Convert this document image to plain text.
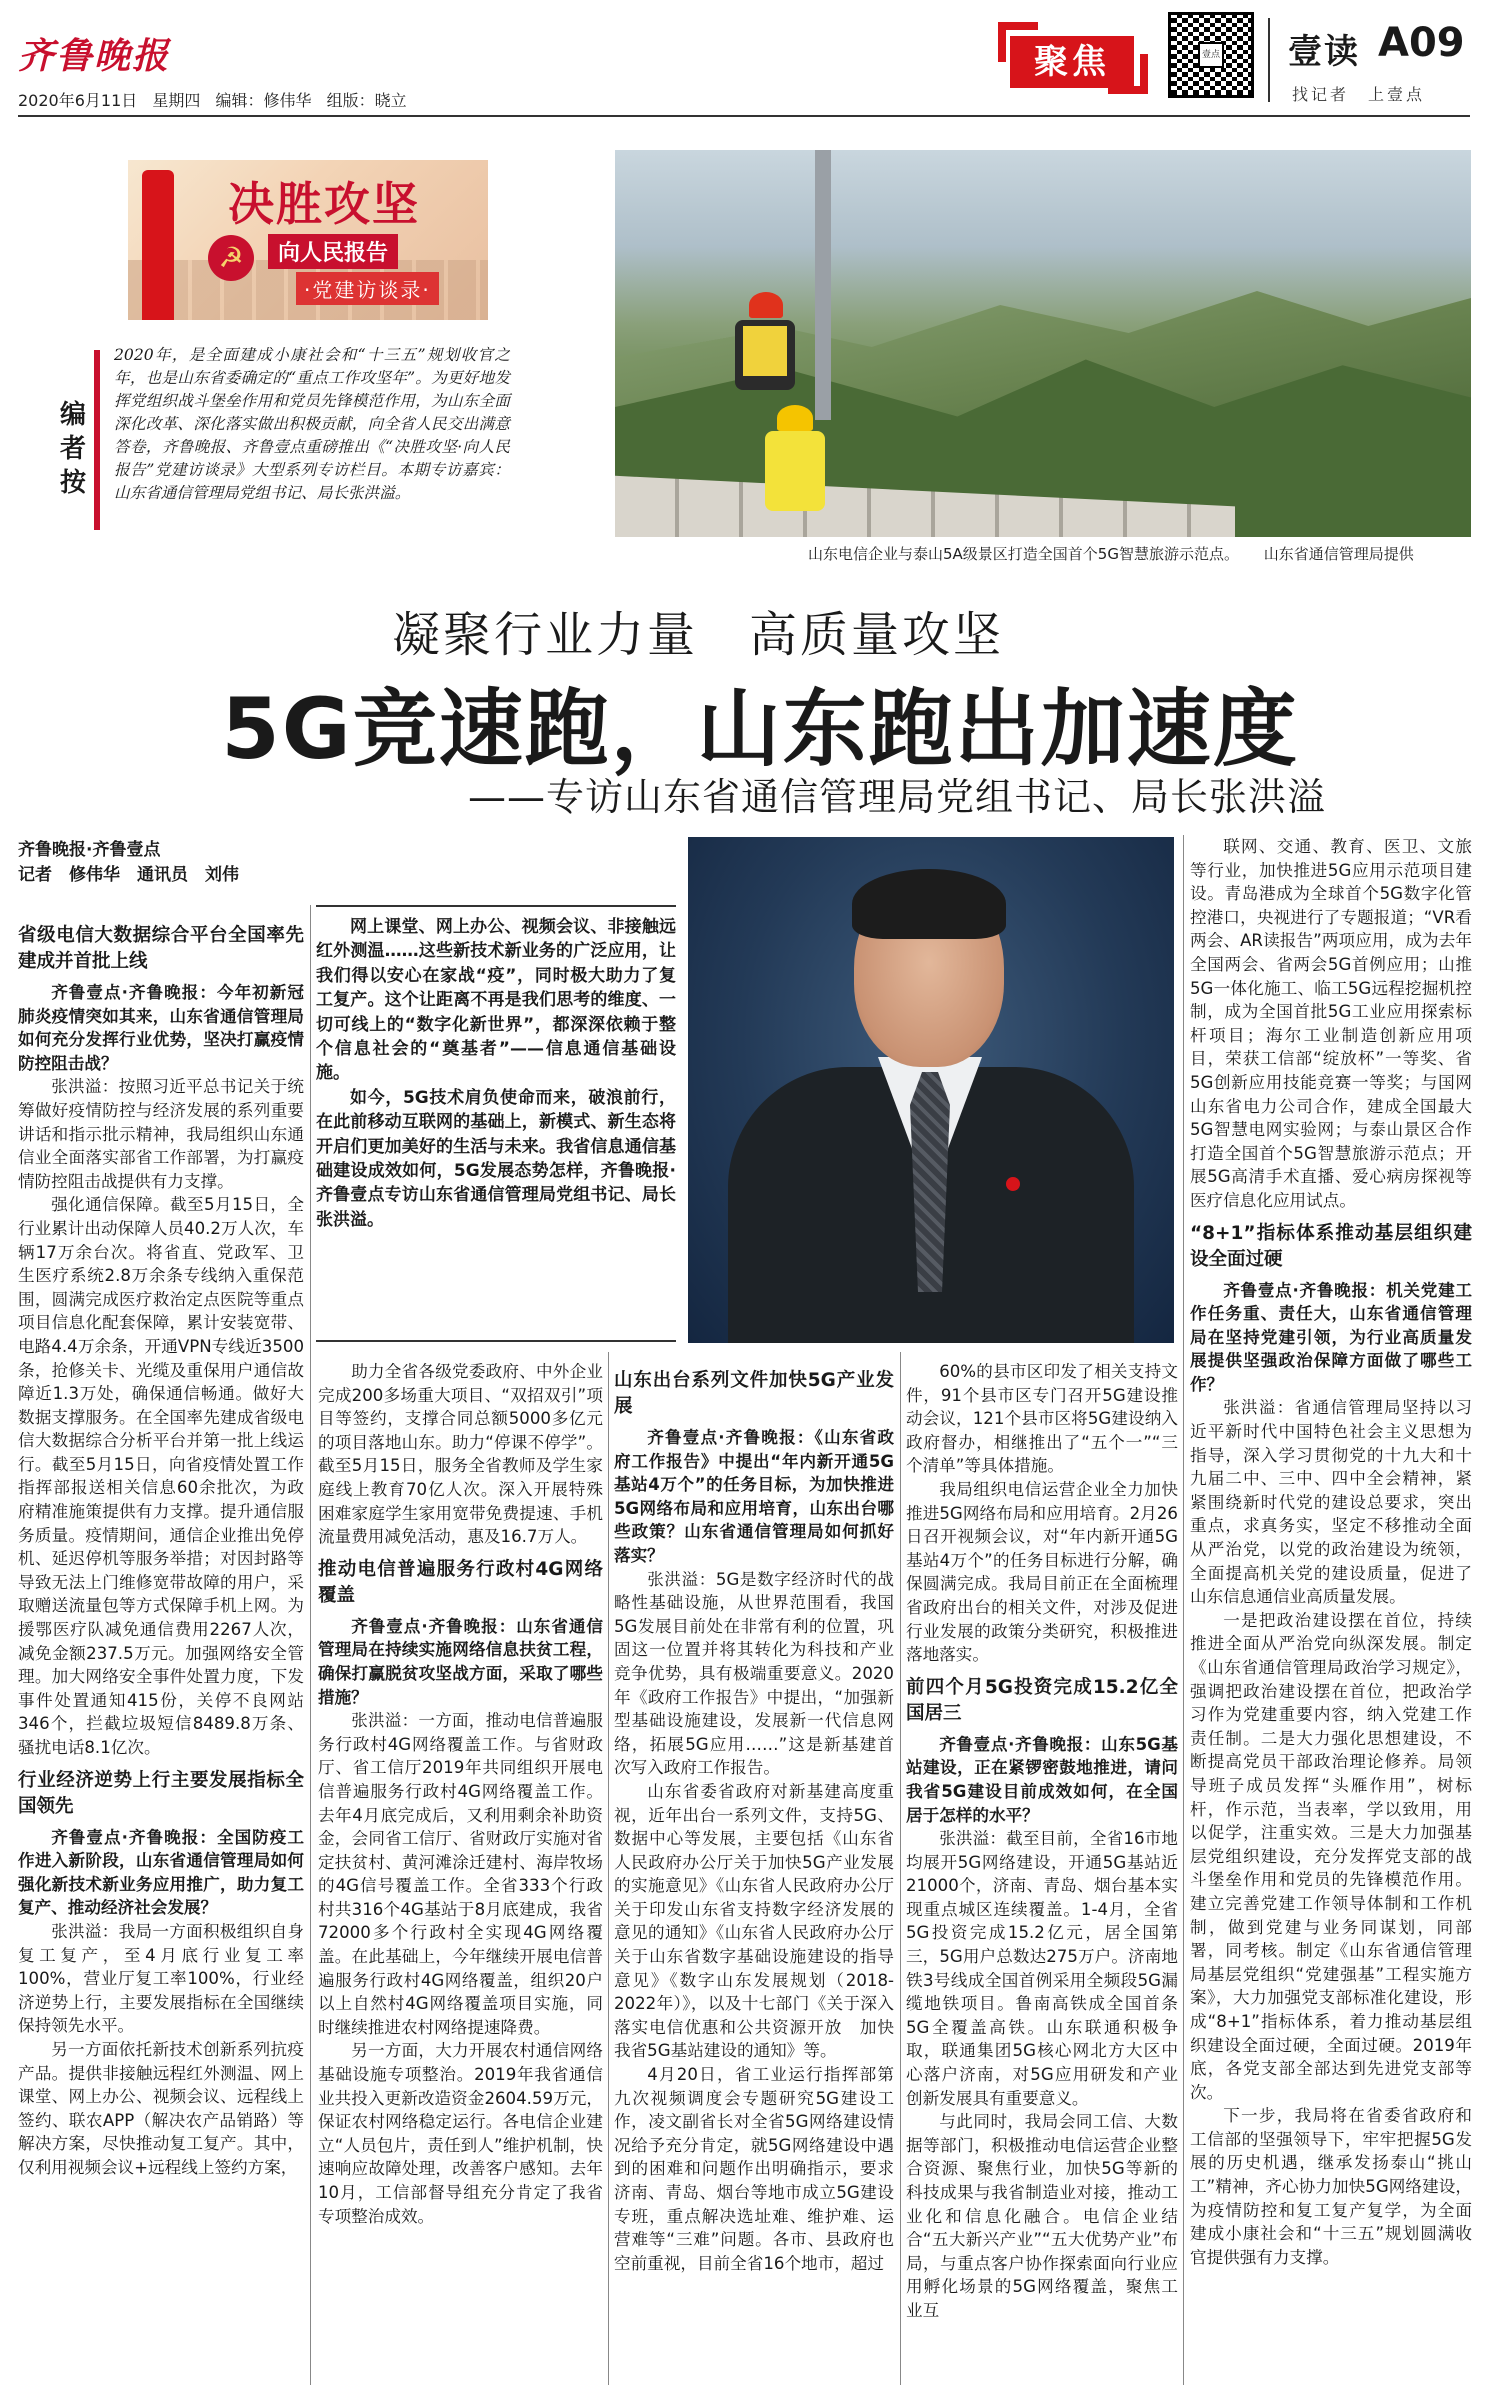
齐鲁晚报
2020年6月11日 星期四 编辑：修伟华 组版：晓立
聚焦	壹点 壹读 A09
找记者　上壹点
☭
决胜攻坚
向人民报告
·党建访谈录·
编者按
2020年，是全面建成小康社会和“十三五”规划收官之年，也是山东省委确定的“重点工作攻坚年”。为更好地发挥党组织战斗堡垒作用和党员先锋模范作用，为山东全面深化改革、深化落实做出积极贡献，向全省人民交出满意答卷，齐鲁晚报、齐鲁壹点重磅推出《“决胜攻坚·向人民报告”党建访谈录》大型系列专访栏目。本期专访嘉宾：山东省通信管理局党组书记、局长张洪溢。
山东电信企业与泰山5A级景区打造全国首个5G智慧旅游示范点。 山东省通信管理局提供
凝聚行业力量　高质量攻坚
5G竞速跑，山东跑出加速度
——专访山东省通信管理局党组书记、局长张洪溢
齐鲁晚报·齐鲁壹点
记者　修伟华　通讯员　刘伟

网上课堂、网上办公、视频会议、非接触远红外测温……这些新技术新业务的广泛应用，让我们得以安心在家战“疫”，同时极大助力了复工复产。这个让距离不再是我们思考的维度、一切可线上的“数字化新世界”，都深深依赖于整个信息社会的“奠基者”——信息通信基础设施。

如今，5G技术肩负使命而来，破浪前行，在此前移动互联网的基础上，新模式、新生态将开启们更加美好的生活与未来。我省信息通信基础建设成效如何，5G发展态势怎样，齐鲁晚报·齐鲁壹点专访山东省通信管理局党组书记、局长张洪溢。

省级电信大数据综合平台全国率先建成并首批上线

齐鲁壹点·齐鲁晚报：今年初新冠肺炎疫情突如其来，山东省通信管理局如何充分发挥行业优势，坚决打赢疫情防控阻击战？

张洪溢：按照习近平总书记关于统筹做好疫情防控与经济发展的系列重要讲话和指示批示精神，我局组织山东通信业全面落实部省工作部署，为打赢疫情防控阻击战提供有力支撑。

强化通信保障。截至5月15日，全行业累计出动保障人员40.2万人次，车辆17万余台次。将省直、党政军、卫生医疗系统2.8万余条专线纳入重保范围，圆满完成医疗救治定点医院等重点项目信息化配套保障，累计安装宽带、电路4.4万余条，开通VPN专线近3500条，抢修关卡、光缆及重保用户通信故障近1.3万处，确保通信畅通。做好大数据支撑服务。在全国率先建成省级电信大数据综合分析平台并第一批上线运行。截至5月15日，向省疫情处置工作指挥部报送相关信息60余批次，为政府精准施策提供有力支撑。提升通信服务质量。疫情期间，通信企业推出免停机、延迟停机等服务举措；对因封路等导致无法上门维修宽带故障的用户，采取赠送流量包等方式保障手机上网。为援鄂医疗队减免通信费用2267人次，减免金额237.5万元。加强网络安全管理。加大网络安全事件处置力度，下发事件处置通知415份，关停不良网站346个，拦截垃圾短信8489.8万条、骚扰电话8.1亿次。

行业经济逆势上行主要发展指标全国领先

齐鲁壹点·齐鲁晚报：全国防疫工作进入新阶段，山东省通信管理局如何强化新技术新业务应用推广，助力复工复产、推动经济社会发展？

张洪溢：我局一方面积极组织自身复工复产，至4月底行业复工率100%，营业厅复工率100%，行业经济逆势上行，主要发展指标在全国继续保持领先水平。

另一方面依托新技术创新系列抗疫产品。提供非接触远程红外测温、网上课堂、网上办公、视频会议、远程线上签约、联农APP（解决农产品销路）等解决方案，尽快推动复工复产。其中，仅利用视频会议+远程线上签约方案，

助力全省各级党委政府、中外企业完成200多场重大项目、“双招双引”项目等签约，支撑合同总额5000多亿元的项目落地山东。助力“停课不停学”。截至5月15日，服务全省教师及学生家庭线上教育70亿人次。深入开展特殊困难家庭学生家用宽带免费提速、手机流量费用减免活动，惠及16.7万人。

推动电信普遍服务行政村4G网络覆盖

齐鲁壹点·齐鲁晚报：山东省通信管理局在持续实施网络信息扶贫工程，确保打赢脱贫攻坚战方面，采取了哪些措施？

张洪溢：一方面，推动电信普遍服务行政村4G网络覆盖工作。与省财政厅、省工信厅2019年共同组织开展电信普遍服务行政村4G网络覆盖工作。去年4月底完成后，又利用剩余补助资金，会同省工信厅、省财政厅实施对省定扶贫村、黄河滩涂迁建村、海岸牧场的4G信号覆盖工作。全省333个行政村共316个4G基站于8月底建成，我省72000多个行政村全实现4G网络覆盖。在此基础上，今年继续开展电信普遍服务行政村4G网络覆盖，组织20户以上自然村4G网络覆盖项目实施，同时继续推进农村网络提速降费。

另一方面，大力开展农村通信网络基础设施专项整治。2019年我省通信业共投入更新改造资金2604.59万元，保证农村网络稳定运行。各电信企业建立“人员包片，责任到人”维护机制，快速响应故障处理，改善客户感知。去年10月，工信部督导组充分肯定了我省专项整治成效。

山东出台系列文件加快5G产业发展

齐鲁壹点·齐鲁晚报：《山东省政府工作报告》中提出“年内新开通5G基站4万个”的任务目标，为加快推进5G网络布局和应用培育，山东出台哪些政策？山东省通信管理局如何抓好落实？

张洪溢：5G是数字经济时代的战略性基础设施，从世界范围看，我国5G发展目前处在非常有利的位置，巩固这一位置并将其转化为科技和产业竞争优势，具有极端重要意义。2020年《政府工作报告》中提出，“加强新型基础设施建设，发展新一代信息网络，拓展5G应用……”这是新基建首次写入政府工作报告。

山东省委省政府对新基建高度重视，近年出台一系列文件，支持5G、数据中心等发展，主要包括《山东省人民政府办公厅关于加快5G产业发展的实施意见》《山东省人民政府办公厅关于印发山东省支持数字经济发展的意见的通知》《山东省人民政府办公厅关于山东省数字基础设施建设的指导意见》《数字山东发展规划（2018-2022年）》，以及十七部门《关于深入落实电信优惠和公共资源开放　加快我省5G基站建设的通知》等。

4月20日，省工业运行指挥部第九次视频调度会专题研究5G建设工作，凌文副省长对全省5G网络建设情况给予充分肯定，就5G网络建设中遇到的困难和问题作出明确指示，要求济南、青岛、烟台等地市成立5G建设专班，重点解决选址难、维护难、运营难等“三难”问题。各市、县政府也空前重视，目前全省16个地市，超过

60%的县市区印发了相关支持文件，91个县市区专门召开5G建设推动会议，121个县市区将5G建设纳入政府督办，相继推出了“五个一”“三个清单”等具体措施。

我局组织电信运营企业全力加快推进5G网络布局和应用培育。2月26日召开视频会议，对“年内新开通5G基站4万个”的任务目标进行分解，确保圆满完成。我局目前正在全面梳理省政府出台的相关文件，对涉及促进行业发展的政策分类研究，积极推进落地落实。

前四个月5G投资完成15.2亿全国居三

齐鲁壹点·齐鲁晚报：山东5G基站建设，正在紧锣密鼓地推进，请问我省5G建设目前成效如何，在全国居于怎样的水平？

张洪溢：截至目前，全省16市地均展开5G网络建设，开通5G基站近21000个，济南、青岛、烟台基本实现重点城区连续覆盖。1-4月，全省5G投资完成15.2亿元，居全国第三，5G用户总数达275万户。济南地铁3号线成全国首例采用全频段5G漏缆地铁项目。鲁南高铁成全国首条5G全覆盖高铁。山东联通积极争取，联通集团5G核心网北方大区中心落户济南，对5G应用研发和产业创新发展具有重要意义。

与此同时，我局会同工信、大数据等部门，积极推动电信运营企业整合资源、聚焦行业，加快5G等新的科技成果与我省制造业对接，推动工业化和信息化融合。电信企业结合“五大新兴产业”“五大优势产业”布局，与重点客户协作探索面向行业应用孵化场景的5G网络覆盖，聚焦工业互

联网、交通、教育、医卫、文旅等行业，加快推进5G应用示范项目建设。青岛港成为全球首个5G数字化管控港口，央视进行了专题报道；“VR看两会、AR读报告”两项应用，成为去年全国两会、省两会5G首例应用；山推5G一体化施工、临工5G远程挖掘机控制，成为全国首批5G工业应用探索标杆项目；海尔工业制造创新应用项目，荣获工信部“绽放杯”一等奖、省5G创新应用技能竞赛一等奖；与国网山东省电力公司合作，建成全国最大5G智慧电网实验网；与泰山景区合作打造全国首个5G智慧旅游示范点；开展5G高清手术直播、爱心病房探视等医疗信息化应用试点。

“8+1”指标体系推动基层组织建设全面过硬

齐鲁壹点·齐鲁晚报：机关党建工作任务重、责任大，山东省通信管理局在坚持党建引领，为行业高质量发展提供坚强政治保障方面做了哪些工作？

张洪溢：省通信管理局坚持以习近平新时代中国特色社会主义思想为指导，深入学习贯彻党的十九大和十九届二中、三中、四中全会精神，紧紧围绕新时代党的建设总要求，突出重点，求真务实，坚定不移推动全面从严治党，以党的政治建设为统领，全面提高机关党的建设质量，促进了山东信息通信业高质量发展。

一是把政治建设摆在首位，持续推进全面从严治党向纵深发展。制定《山东省通信管理局政治学习规定》，强调把政治建设摆在首位，把政治学习作为党建重要内容，纳入党建工作责任制。二是大力强化思想建设，不断提高党员干部政治理论修养。局领导班子成员发挥“头雁作用”，树标杆，作示范，当表率，学以致用，用以促学，注重实效。三是大力加强基层党组织建设，充分发挥党支部的战斗堡垒作用和党员的先锋模范作用。建立完善党建工作领导体制和工作机制，做到党建与业务同谋划，同部署，同考核。制定《山东省通信管理局基层党组织“党建强基”工程实施方案》，大力加强党支部标准化建设，形成“8+1”指标体系，着力推动基层组织建设全面过硬，全面过硬。2019年底，各党支部全部达到先进党支部等次。

下一步，我局将在省委省政府和工信部的坚强领导下，牢牢把握5G发展的历史机遇，继承发扬泰山“挑山工”精神，齐心协力加快5G网络建设，为疫情防控和复工复产复学，为全面建成小康社会和“十三五”规划圆满收官提供强有力支撑。
